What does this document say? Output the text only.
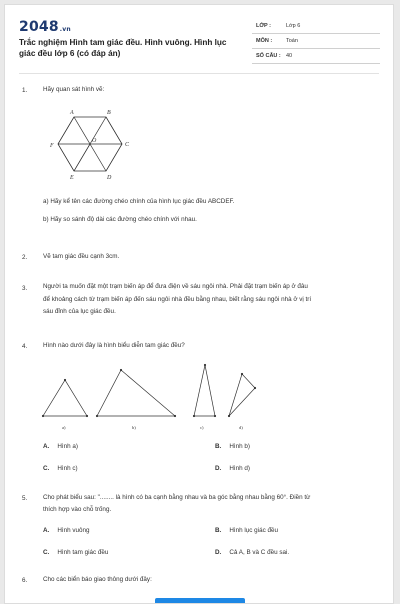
2048.vn
Trắc nghiệm Hình tam giác đều. Hình vuông. Hình lục giác đều lớp 6 (có đáp án)
LỚP :	Lớp 6
MÔN :	Toán
SỐ CÂU : 40
1. Hãy quan sát hình vẽ:
A	B
C
D
E
F
O
a) Hãy kể tên các đường chéo chính của hình lục giác đều ABCDEF.
b) Hãy so sánh độ dài các đường chéo chính với nhau.
2. Vẽ tam giác đều cạnh 3cm.
3. Người ta muốn đặt một trạm biến áp để đưa điện về sáu ngôi nhà. Phải đặt trạm biến áp ở đâu
để khoảng cách từ trạm biến áp đến sáu ngôi nhà đều bằng nhau, biết rằng sáu ngôi nhà ở vị trí
sáu đỉnh của lục giác đều.
4. Hình nào dưới đây là hình biểu diễn tam giác đều?
a)	b)	c)	d)
A. Hình a)	B. Hình b)
C. Hình c)	D. Hình d)
5. Cho phát biểu sau: "........ là hình có ba cạnh bằng nhau và ba góc bằng nhau bằng 60°. Điền từ
thích hợp vào chỗ trống.
A. Hình vuông	B. Hình lục giác đều
C. Hình tam giác đều	D. Cả A, B và C đều sai.
6. Cho các biển báo giao thông dưới đây:
